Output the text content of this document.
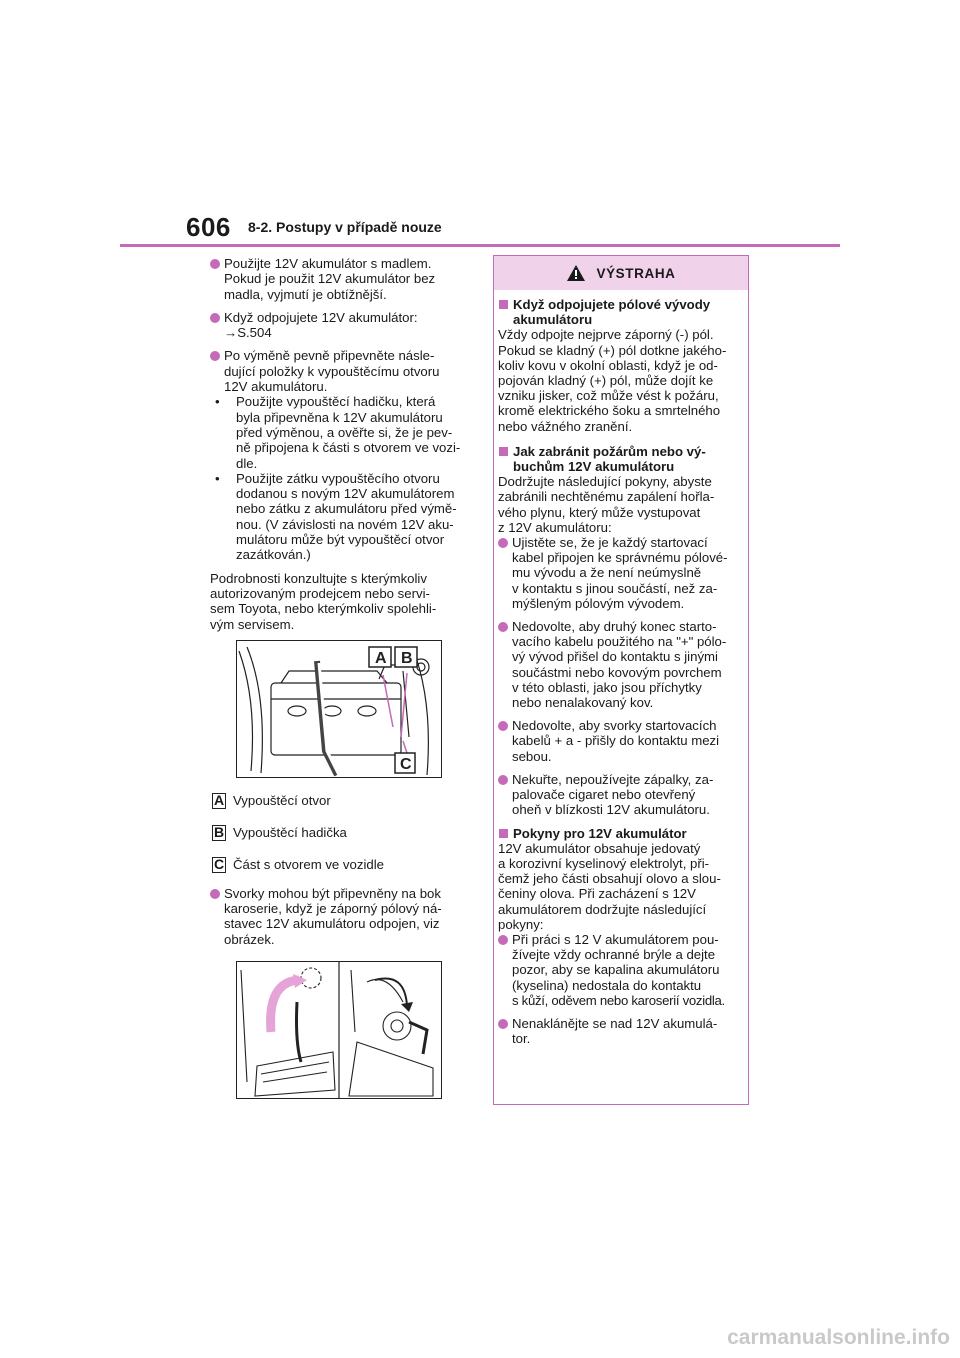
606 8-2. Postupy v případě nouze
Použijte 12V akumulátor s madlem.
Pokud je použit 12V akumulátor bez
madla, vyjmutí je obtížnější.
Když odpojujete 12V akumulátor:
→S.504
Po výměně pevně připevněte násle-
dující položky k vypouštěcímu otvoru
12V akumulátoru.
• Použijte vypouštěcí hadičku, která
byla připevněna k 12V akumulátoru
před výměnou, a ověřte si, že je pev-
ně připojena k části s otvorem ve vozi-
dle.
• Použijte zátku vypouštěcího otvoru
dodanou s novým 12V akumulátorem
nebo zátku z akumulátoru před výmě-
nou. (V závislosti na novém 12V aku-
mulátoru může být vypouštěcí otvor
zazátkován.)
Podrobnosti konzultujte s kterýmkoliv
autorizovaným prodejcem nebo servi-
sem Toyota, nebo kterýmkoliv spolehli-
vým servisem.
A B
C
A Vypouštěcí otvor
B Vypouštěcí hadička
C Část s otvorem ve vozidle
Svorky mohou být připevněny na bok
karoserie, když je záporný pólový ná-
stavec 12V akumulátoru odpojen, viz
obrázek.
VÝSTRAHA
Když odpojujete pólové vývody
akumulátoru
Vždy odpojte nejprve záporný (-) pól.
Pokud se kladný (+) pól dotkne jakého-
koliv kovu v okolní oblasti, když je od-
pojován kladný (+) pól, může dojít ke
vzniku jisker, což může vést k požáru,
kromě elektrického šoku a smrtelného
nebo vážného zranění.
Jak zabránit požárům nebo vý-
buchům 12V akumulátoru
Dodržujte následující pokyny, abyste
zabránili nechtěnému zapálení hořla-
vého plynu, který může vystupovat
z 12V akumulátoru:
Ujistěte se, že je každý startovací
kabel připojen ke správnému pólové-
mu vývodu a že není neúmyslně
v kontaktu s jinou součástí, než za-
mýšleným pólovým vývodem.
Nedovolte, aby druhý konec starto-
vacího kabelu použitého na "+" pólo-
vý vývod přišel do kontaktu s jinými
součástmi nebo kovovým povrchem
v této oblasti, jako jsou příchytky
nebo nenalakovaný kov.
Nedovolte, aby svorky startovacích
kabelů + a - přišly do kontaktu mezi
sebou.
Nekuřte, nepoužívejte zápalky, za-
palovače cigaret nebo otevřený
oheň v blízkosti 12V akumulátoru.
Pokyny pro 12V akumulátor
12V akumulátor obsahuje jedovatý
a korozivní kyselinový elektrolyt, při-
čemž jeho části obsahují olovo a slou-
čeniny olova. Při zacházení s 12V
akumulátorem dodržujte následující
pokyny:
Při práci s 12 V akumulátorem pou-
žívejte vždy ochranné brýle a dejte
pozor, aby se kapalina akumulátoru
(kyselina) nedostala do kontaktu
s kůží, oděvem nebo karoserií vozidla.
Nenaklánějte se nad 12V akumulá-
tor.
carmanualsonline.info
